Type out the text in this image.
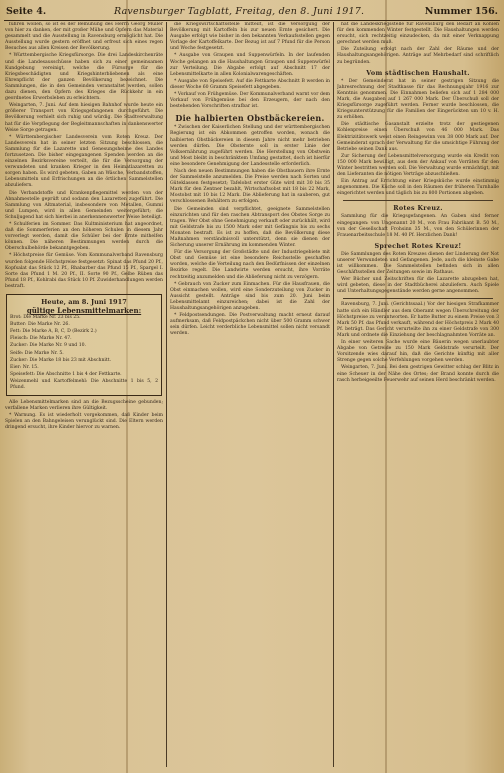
Seite 4.	Ravensburger Tagblatt, Freitag, den 8. Juni 1917.	Nummer 156.

führen wollen, so ist es der Bemühung des Herrn Georg Müller von hier zu danken, der mit großer Mühe und Opfern das Material gesammelt und die Ausstellung in Ravensburg ermöglicht hat. Die Ausstellung wurde gestern eröffnet und erfreut sich eines regen Besuches aus allen Kreisen der Bevölkerung.

* Württembergische Kriegsfürsorge. Die drei Landeskirchenräte und die Landesausschüsse haben sich zu einer gemeinsamen Kundgebung vereinigt, welche die Fürsorge für die Kriegsbeschädigten und Kriegshinterbliebenen als eine Ehrenpflicht der ganzen Bevölkerung bezeichnet. Die Sammlungen, die in den Gemeinden veranstaltet werden, sollen dazu dienen, den Opfern des Krieges die Rückkehr in ein geordnetes Erwerbsleben zu erleichtern.

Weingarten, 7. Juni. Auf dem hiesigen Bahnhof wurde heute ein größerer Transport von Kriegsgefangenen durchgeführt. Die Bevölkerung verhielt sich ruhig und würdig. Die Stadtverwaltung hat für die Verpflegung der Begleitmannschaften in dankenswerter Weise Sorge getragen.

* Württembergischer Landesverein vom Roten Kreuz. Der Landesverein hat in seiner letzten Sitzung beschlossen, die Sammlung für die Lazarette und Genesungsheime des Landes fortzusetzen. Die bisher eingegangenen Spenden werden an die einzelnen Bezirksvereine verteilt, die für die Versorgung der verwundeten und kranken Krieger in den Heimatlazaretten zu sorgen haben. Es wird gebeten, Gaben an Wäsche, Verbandstoffen, Lebensmitteln und Erfrischungen an die örtlichen Sammelstellen abzuliefern.

Die Verbandstoffe und Krankenpflegemittel werden von der Abnahmestelle geprüft und sodann den Lazaretten zugeführt. Die Sammlung von Altmaterial, insbesondere von Metallen, Gummi und Lumpen, wird in allen Gemeinden weitergeführt; die Schuljugend hat sich hierbei in anerkennenswerter Weise beteiligt.

* Schulferien im Sommer. Das Kultministerium hat angeordnet, daß die Sommerferien an den höheren Schulen in diesem Jahr vorverlegt werden, damit die Schüler bei der Ernte mithelfen können. Die näheren Bestimmungen werden durch die Oberschulbehörde bekanntgegeben.

* Höchstpreise für Gemüse. Vom Kommunalverband Ravensburg wurden folgende Höchstpreise festgesetzt: Spinat das Pfund 20 Pf., Kopfsalat das Stück 12 Pf., Rhabarber das Pfund 15 Pf., Spargel I. Sorte das Pfund 1 M. 20 Pf., II. Sorte 90 Pf., Gelbe Rüben das Pfund 18 Pf., Kohlrabi das Stück 10 Pf. Zuwiderhandlungen werden bestraft.

Heute, am 8. Juni 1917
gültige Lebensmittelmarken:

Brot: Die Marke Nr. 23 bis 25.

Butter: Die Marke Nr. 26.

Fett: Die Marke A, B, C, D (Bezirk 2.)

Fleisch: Die Marke Nr. 47.

Zucker: Die Marke Nr. 9 und 10.

Seife: Die Marke Nr. 5.

Zucker: Die Marke 18 bis 23 mit Abschnitt.

Eier: Nr. 15.

Speisefett: Die Abschnitte 1 bis 4 der Fettkarte.

Weizenmehl und Kartoffelmehl: Die Abschnitte 1 bis 5, 2 Pfund.

Alle Lebensmittelmarken sind an die Bezugsscheine gebunden; verfallene Marken verlieren ihre Gültigkeit.

* Warnung. Es ist wiederholt vorgekommen, daß Kinder beim Spielen an den Bahngeleisen verunglückt sind. Die Eltern werden dringend ersucht, ihre Kinder hiervor zu warnen.

die Kriegswirtschaftsstelle mitteilt, ist die Versorgung der Bevölkerung mit Kartoffeln bis zur neuen Ernte gesichert. Die Ausgabe erfolgt wie bisher in den bekannten Verkaufsstellen gegen Vorlage der Kartoffelkarte. Der Bezug ist auf 7 Pfund für die Person und Woche festgesetzt.

* Ausgabe von Graupen und Suppenwürfeln. In der laufenden Woche gelangen an die Haushaltungen Graupen und Suppenwürfel zur Verteilung. Die Abgabe erfolgt auf Abschnitt 17 der Lebensmittelkarte in allen Kolonialwarengeschäften.

* Ausgabe von Speisefett. Auf die Fettkarte Abschnitt B werden in dieser Woche 60 Gramm Speisefett abgegeben.

* Vorkauf von Frühgemüse. Der Kommunalverband warnt vor dem Vorkauf von Frühgemüse bei den Erzeugern, der nach den bestehenden Vorschriften strafbar ist.

Die halbierten Obstbäckereien.

* Zwischen der Kaiserlichen Stellung und der württembergischen Regierung ist ein Abkommen getroffen worden, wonach die halbierten Obstbäckereien in diesem Jahre nicht mehr betrieben werden dürfen. Die Obsternte soll in erster Linie der Volksernährung zugeführt werden. Die Herstellung von Obstwein und Most bleibt in beschränktem Umfang gestattet, doch ist hierfür eine besondere Genehmigung der Landesstelle erforderlich.

Nach den neuen Bestimmungen haben die Obstbauern ihre Ernte der Sammelstelle anzumelden. Die Preise werden nach Sorten und Güteklassen festgesetzt; Tafelobst erster Güte wird mit 30 bis 35 Mark für den Zentner bezahlt, Wirtschaftsobst mit 18 bis 22 Mark, Mostobst mit 10 bis 12 Mark. Die Ablieferung hat in sauberen, gut verschlossenen Behältern zu erfolgen.

Die Gemeinden sind verpflichtet, geeignete Sammelstellen einzurichten und für den raschen Abtransport des Obstes Sorge zu tragen. Wer Obst ohne Genehmigung verkauft oder zurückhält, wird mit Geldstrafe bis zu 1500 Mark oder mit Gefängnis bis zu sechs Monaten bestraft. Es ist zu hoffen, daß die Bevölkerung diese Maßnahmen verständnisvoll unterstützt, denn sie dienen der Sicherung unserer Ernährung im kommenden Winter.

Für die Versorgung der Großstädte und der Industriegebiete mit Obst und Gemüse ist eine besondere Reichsstelle geschaffen worden, welche die Verteilung nach den Bedürfnissen der einzelnen Bezirke regelt. Die Landwirte werden ersucht, ihre Vorräte rechtzeitig anzumelden und die Ablieferung nicht zu verzögern.

* Gebrauch von Zucker zum Einmachen. Für die Hausfrauen, die Obst einmachen wollen, wird eine Sonderzuteilung von Zucker in Aussicht gestellt. Anträge sind bis zum 20. Juni beim Lebensmittelamt einzureichen; dabei ist die Zahl der Haushaltungsangehörigen anzugeben.

* Feldpostsendungen. Die Postverwaltung macht erneut darauf aufmerksam, daß Feldpostpäckchen nicht über 500 Gramm schwer sein dürfen. Leicht verderbliche Lebensmittel sollen nicht versandt werden.

hat die Landeskriegsstelle für Ravensburg den Bedarf an Kohlen für den kommenden Winter festgestellt. Die Haushaltungen werden ersucht, sich rechtzeitig einzudecken, da mit einer Verknappung gerechnet werden muß.

Die Zuteilung erfolgt nach der Zahl der Räume und der Haushaltungsangehörigen. Anträge auf Mehrbedarf sind schriftlich zu begründen.

Vom städtischen Haushalt.

* Der Gemeinderat hat in seiner gestrigen Sitzung die Jahresrechnung der Stadtkasse für das Rechnungsjahr 1916 zur Kenntnis genommen. Die Einnahmen beliefen sich auf 1 284 000 Mark, die Ausgaben auf 1 267 000 Mark. Der Überschuß soll der Kriegsfürsorge zugeführt werden. Ferner wurde beschlossen, die Kriegsunterstützung für die Familien der Eingerückten um 10 v. H. zu erhöhen.

Die städtische Gasanstalt erzielte trotz der gestiegenen Kohlenpreise einen Überschuß von 46 000 Mark. Das Elektrizitätswerk weist einen Reingewinn von 38 000 Mark auf. Der Gemeinderat sprach der Verwaltung für die umsichtige Führung der Betriebe seinen Dank aus.

Zur Sicherung der Lebensmittelversorgung wurde ein Kredit von 150 000 Mark bewilligt, aus dem der Ankauf von Vorräten für den Winter bestritten werden soll. Die Verwaltung wurde ermächtigt, mit den Lieferanten die nötigen Verträge abzuschließen.

Ein Antrag auf Errichtung einer Kriegsküche wurde einstimmig angenommen. Die Küche soll in den Räumen der früheren Turnhalle eingerichtet werden und täglich bis zu 800 Portionen abgeben.

Rotes Kreuz.

Sammlung für die Kriegsgefangenen. An Gaben sind ferner eingegangen: von Ungenannt 20 M., von Frau Fabrikant B. 50 M., von der Gesellschaft Frohsinn 35 M., von den Schülerinnen der Frauenarbeitsschule 18 M. 40 Pf. Herzlichen Dank!

Sprechet Rotes Kreuz!

Die Sammlungen des Roten Kreuzes dienen der Linderung der Not unserer Verwundeten und Gefangenen. Jede, auch die kleinste Gabe ist willkommen. Die Sammelstellen befinden sich in allen Geschäftsstellen der Zeitungen sowie im Rathaus.

Wer Bücher und Zeitschriften für die Lazarette abzugeben hat, wird gebeten, diese in der Stadtbücherei abzuliefern. Auch Spiele und Unterhaltungsgegenstände werden gerne angenommen.

Ravensburg, 7. Juni. (Gerichtssaal.) Vor der hiesigen Strafkammer hatte sich ein Händler aus dem Oberamt wegen Überschreitung der Höchstpreise zu verantworten. Er hatte Butter zu einem Preise von 3 Mark 50 Pf. das Pfund verkauft, während der Höchstpreis 2 Mark 40 Pf. beträgt. Das Gericht verurteilte ihn zu einer Geldstrafe von 300 Mark und ordnete die Einziehung der beschlagnahmten Vorräte an.

In einer weiteren Sache wurde eine Bäuerin wegen unerlaubter Abgabe von Getreide zu 150 Mark Geldstrafe verurteilt. Der Vorsitzende wies darauf hin, daß die Gerichte künftig mit aller Strenge gegen solche Verfehlungen vorgehen werden.

Weingarten, 7. Juni. Bei dem gestrigen Gewitter schlug der Blitz in eine Scheuer in der Nähe des Ortes; der Brand konnte durch die rasch herbeigeeilte Feuerwehr auf seinen Herd beschränkt werden.
